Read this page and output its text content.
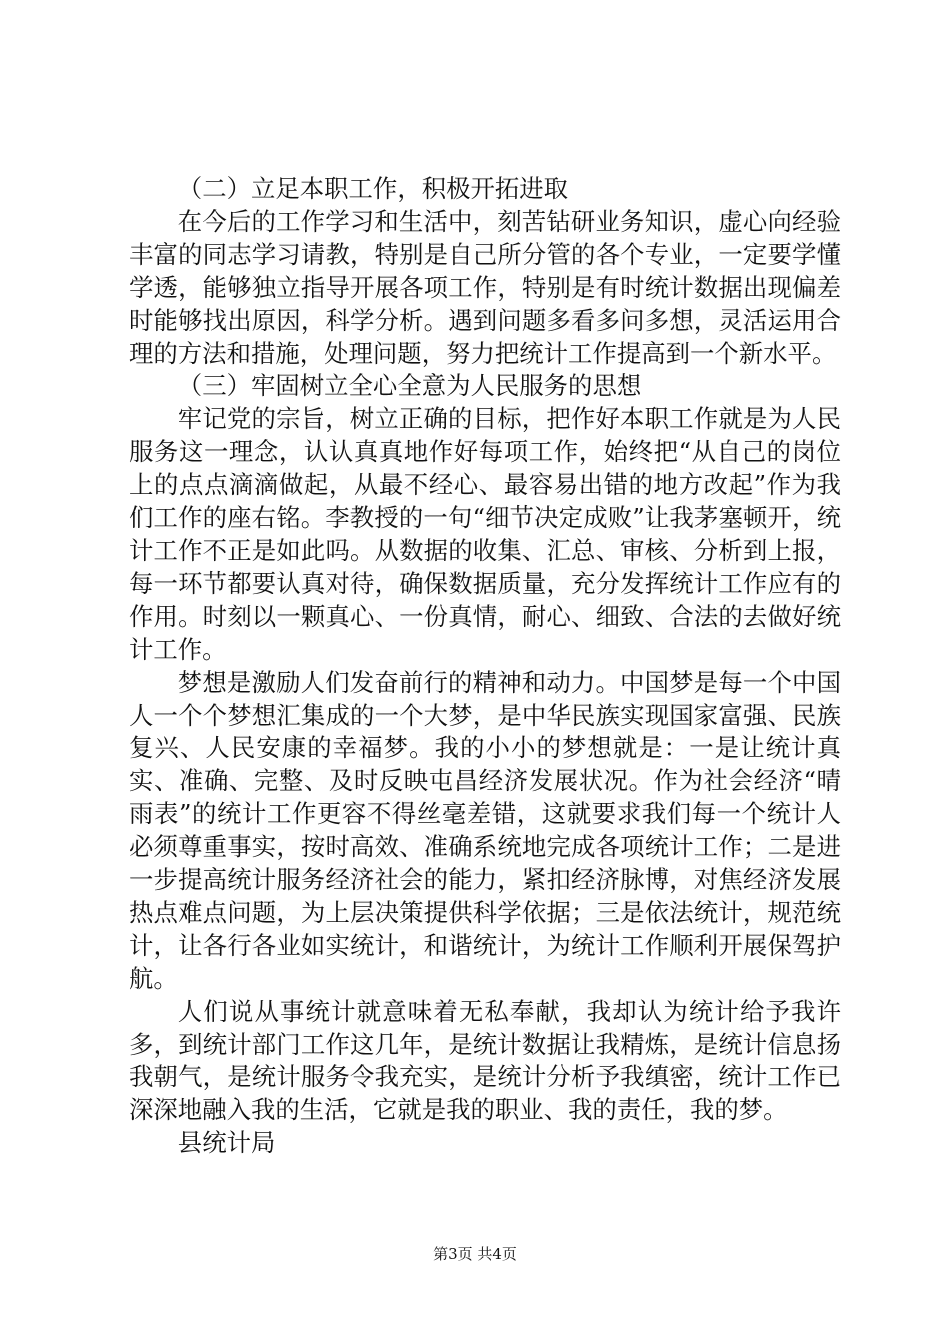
（二）立足本职工作，积极开拓进取

在今后的工作学习和生活中，刻苦钻研业务知识，虚心向经验丰富的同志学习请教，特别是自己所分管的各个专业，一定要学懂学透，能够独立指导开展各项工作，特别是有时统计数据出现偏差时能够找出原因，科学分析。遇到问题多看多问多想，灵活运用合理的方法和措施，处理问题，努力把统计工作提高到一个新水平。

（三）牢固树立全心全意为人民服务的思想

牢记党的宗旨，树立正确的目标，把作好本职工作就是为人民服务这一理念，认认真真地作好每项工作，始终把“从自己的岗位上的点点滴滴做起，从最不经心、最容易出错的地方改起”作为我们工作的座右铭。李教授的一句“细节决定成败”让我茅塞顿开，统计工作不正是如此吗。从数据的收集、汇总、审核、分析到上报，每一环节都要认真对待，确保数据质量，充分发挥统计工作应有的作用。时刻以一颗真心、一份真情，耐心、细致、合法的去做好统计工作。

梦想是激励人们发奋前行的精神和动力。中国梦是每一个中国人一个个梦想汇集成的一个大梦，是中华民族实现国家富强、民族复兴、人民安康的幸福梦。我的小小的梦想就是：一是让统计真实、准确、完整、及时反映屯昌经济发展状况。作为社会经济“晴雨表”的统计工作更容不得丝毫差错，这就要求我们每一个统计人必须尊重事实，按时高效、准确系统地完成各项统计工作；二是进一步提高统计服务经济社会的能力，紧扣经济脉博，对焦经济发展热点难点问题，为上层决策提供科学依据；三是依法统计，规范统计，让各行各业如实统计，和谐统计，为统计工作顺利开展保驾护航。

人们说从事统计就意味着无私奉献，我却认为统计给予我许多，到统计部门工作这几年，是统计数据让我精炼，是统计信息扬我朝气，是统计服务令我充实，是统计分析予我缜密，统计工作已深深地融入我的生活，它就是我的职业、我的责任，我的梦。

县统计局

第3页 共4页
